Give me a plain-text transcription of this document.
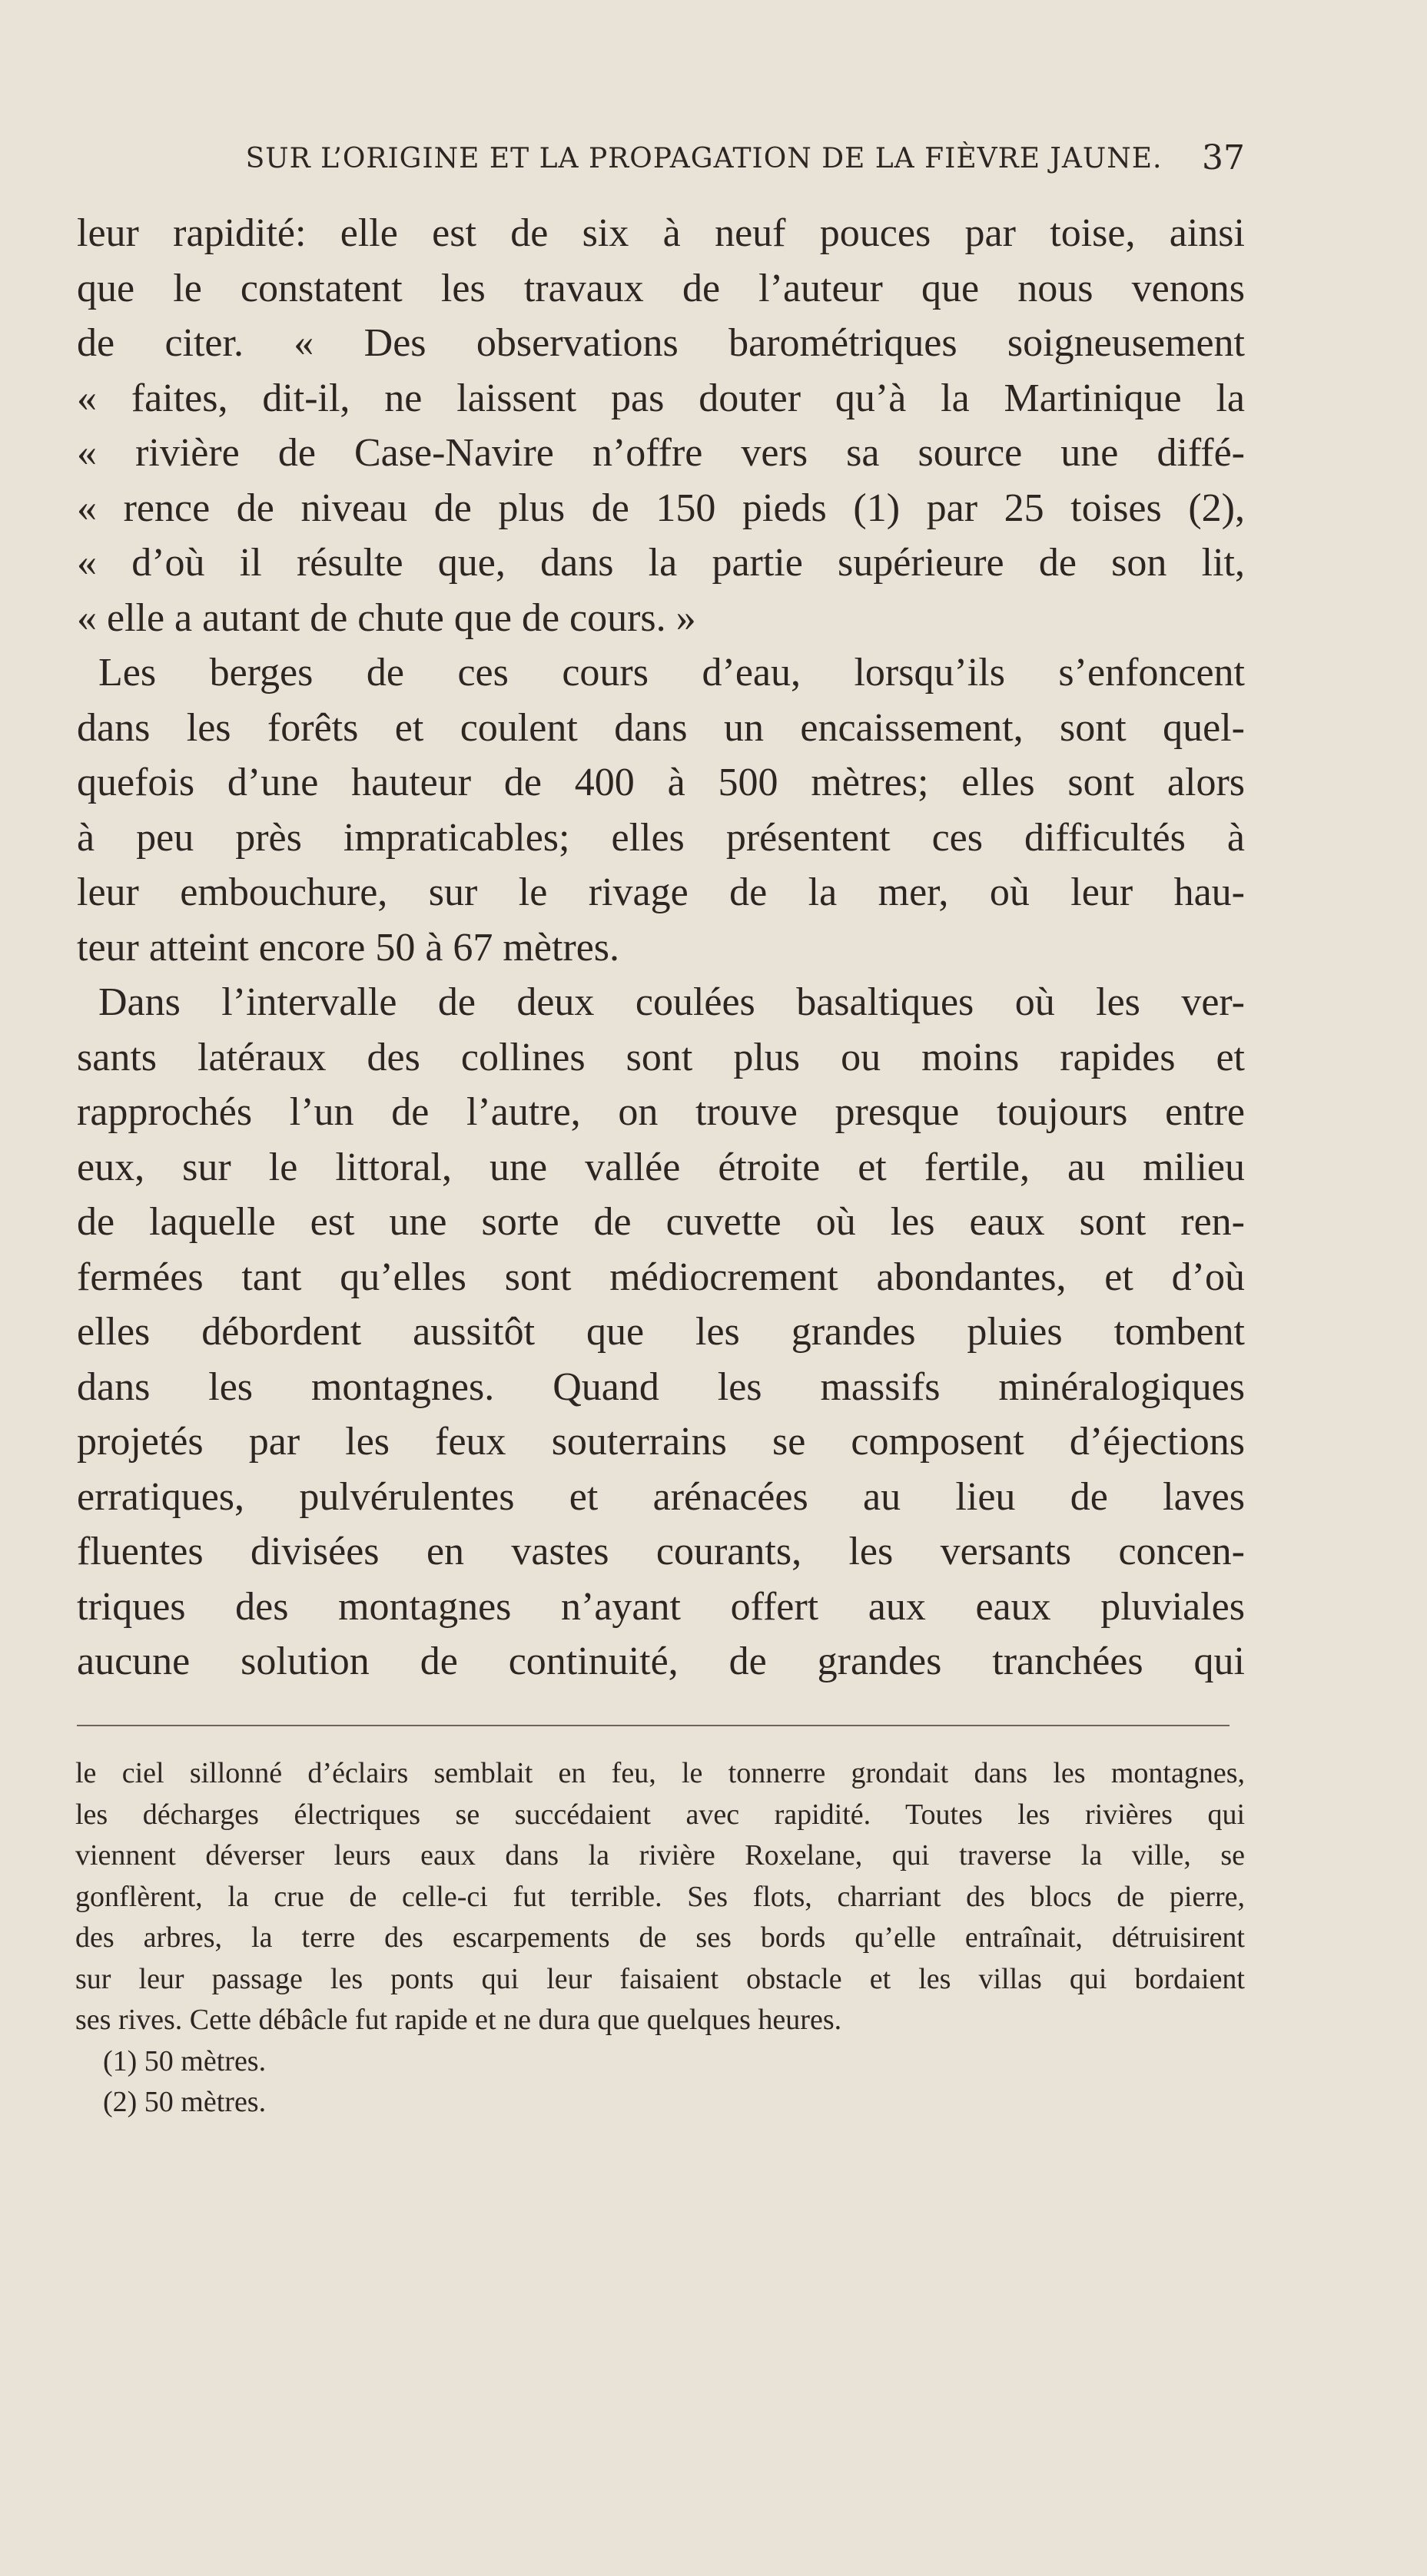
SUR L’ORIGINE ET LA PROPAGATION DE LA FIÈVRE JAUNE.	37
leur rapidité: elle est de six à neuf pouces par toise, ainsi
que le constatent les travaux de l’auteur que nous venons
de citer. « Des observations barométriques soigneusement
« faites, dit-il, ne laissent pas douter qu’à la Martinique la
« rivière de Case-Navire n’offre vers sa source une diffé-
« rence de niveau de plus de 150 pieds (1) par 25 toises (2),
« d’où il résulte que, dans la partie supérieure de son lit,
« elle a autant de chute que de cours. »
Les berges de ces cours d’eau, lorsqu’ils s’enfoncent
dans les forêts et coulent dans un encaissement, sont quel-
quefois d’une hauteur de 400 à 500 mètres; elles sont alors
à peu près impraticables; elles présentent ces difficultés à
leur embouchure, sur le rivage de la mer, où leur hau-
teur atteint encore 50 à 67 mètres.
Dans l’intervalle de deux coulées basaltiques où les ver-
sants latéraux des collines sont plus ou moins rapides et
rapprochés l’un de l’autre, on trouve presque toujours entre
eux, sur le littoral, une vallée étroite et fertile, au milieu
de laquelle est une sorte de cuvette où les eaux sont ren-
fermées tant qu’elles sont médiocrement abondantes, et d’où
elles débordent aussitôt que les grandes pluies tombent
dans les montagnes. Quand les massifs minéralogiques
projetés par les feux souterrains se composent d’éjections
erratiques, pulvérulentes et arénacées au lieu de laves
fluentes divisées en vastes courants, les versants concen-
triques des montagnes n’ayant offert aux eaux pluviales
aucune solution de continuité, de grandes tranchées qui
le ciel sillonné d’éclairs semblait en feu, le tonnerre grondait dans les montagnes,
les décharges électriques se succédaient avec rapidité. Toutes les rivières qui
viennent déverser leurs eaux dans la rivière Roxelane, qui traverse la ville, se
gonflèrent, la crue de celle-ci fut terrible. Ses flots, charriant des blocs de pierre,
des arbres, la terre des escarpements de ses bords qu’elle entraînait, détruisirent
sur leur passage les ponts qui leur faisaient obstacle et les villas qui bordaient
ses rives. Cette débâcle fut rapide et ne dura que quelques heures.
(1) 50 mètres.
(2) 50 mètres.
